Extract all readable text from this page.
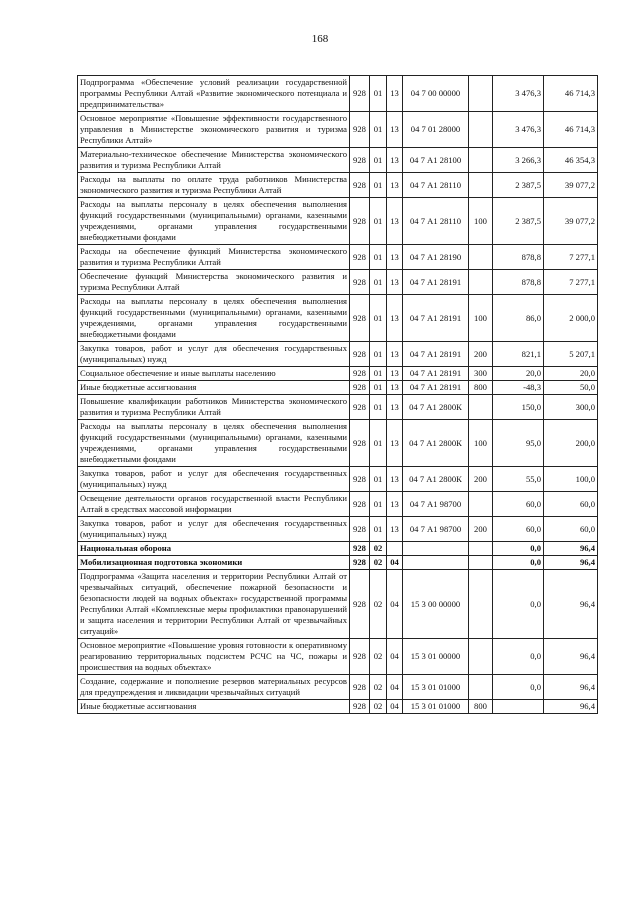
168
Подпрограмма «Обеспечение условий реализации государственной программы Республики Алтай «Развитие экономического потенциала и предпринимательства»	928	01	13	04 7 00 00000		3 476,3	46 714,3
Основное мероприятие «Повышение эффективности государственного управления в Министерстве экономического развития и туризма Республики Алтай»	928	01	13	04 7 01 28000		3 476,3	46 714,3
Материально-техническое обеспечение Министерства экономического развития и туризма Республики Алтай	928	01	13	04 7 А1 28100		3 266,3	46 354,3
Расходы на выплаты по оплате труда работников Министерства экономического развития и туризма Республики Алтай	928	01	13	04 7 А1 28110		2 387,5	39 077,2
Расходы на выплаты персоналу в целях обеспечения выполнения функций государственными (муниципальными) органами, казенными учреждениями, органами управления государственными внебюджетными фондами	928	01	13	04 7 А1 28110	100	2 387,5	39 077,2
Расходы на обеспечение функций Министерства экономического развития и туризма Республики Алтай	928	01	13	04 7 А1 28190		878,8	7 277,1
Обеспечение функций Министерства экономического развития и туризма Республики Алтай	928	01	13	04 7 А1 28191		878,8	7 277,1
Расходы на выплаты персоналу в целях обеспечения выполнения функций государственными (муниципальными) органами, казенными учреждениями, органами управления государственными внебюджетными фондами	928	01	13	04 7 А1 28191	100	86,0	2 000,0
Закупка товаров, работ и услуг для обеспечения государственных (муниципальных) нужд	928	01	13	04 7 А1 28191	200	821,1	5 207,1
Социальное обеспечение и иные выплаты населению	928	01	13	04 7 А1 28191	300	20,0	20,0
Иные бюджетные ассигнования	928	01	13	04 7 А1 28191	800	-48,3	50,0
Повышение квалификации работников Министерства экономического развития и туризма Республики Алтай	928	01	13	04 7 А1 2800К		150,0	300,0
Расходы на выплаты персоналу в целях обеспечения выполнения функций государственными (муниципальными) органами, казенными учреждениями, органами управления государственными внебюджетными фондами	928	01	13	04 7 А1 2800К	100	95,0	200,0
Закупка товаров, работ и услуг для обеспечения государственных (муниципальных) нужд	928	01	13	04 7 А1 2800К	200	55,0	100,0
Освещение деятельности органов государственной власти Республики Алтай в средствах массовой информации	928	01	13	04 7 А1 98700		60,0	60,0
Закупка товаров, работ и услуг для обеспечения государственных (муниципальных) нужд	928	01	13	04 7 А1 98700	200	60,0	60,0
Национальная оборона	928	02				0,0	96,4
Мобилизационная подготовка экономики	928	02	04			0,0	96,4
Подпрограмма «Защита населения и территории Республики Алтай от чрезвычайных ситуаций, обеспечение пожарной безопасности и безопасности людей на водных объектах» государственной программы Республики Алтай «Комплексные меры профилактики правонарушений и защита населения и территории Республики Алтай от чрезвычайных ситуаций»	928	02	04	15 3 00 00000		0,0	96,4
Основное мероприятие «Повышение уровня готовности к оперативному реагированию территориальных подсистем РСЧС на ЧС, пожары и происшествия на водных объектах»	928	02	04	15 3 01 00000		0,0	96,4
Создание, содержание и пополнение резервов материальных ресурсов для предупреждения и ликвидации чрезвычайных ситуаций	928	02	04	15 3 01 01000		0,0	96,4
Иные бюджетные ассигнования	928	02	04	15 3 01 01000	800		96,4
